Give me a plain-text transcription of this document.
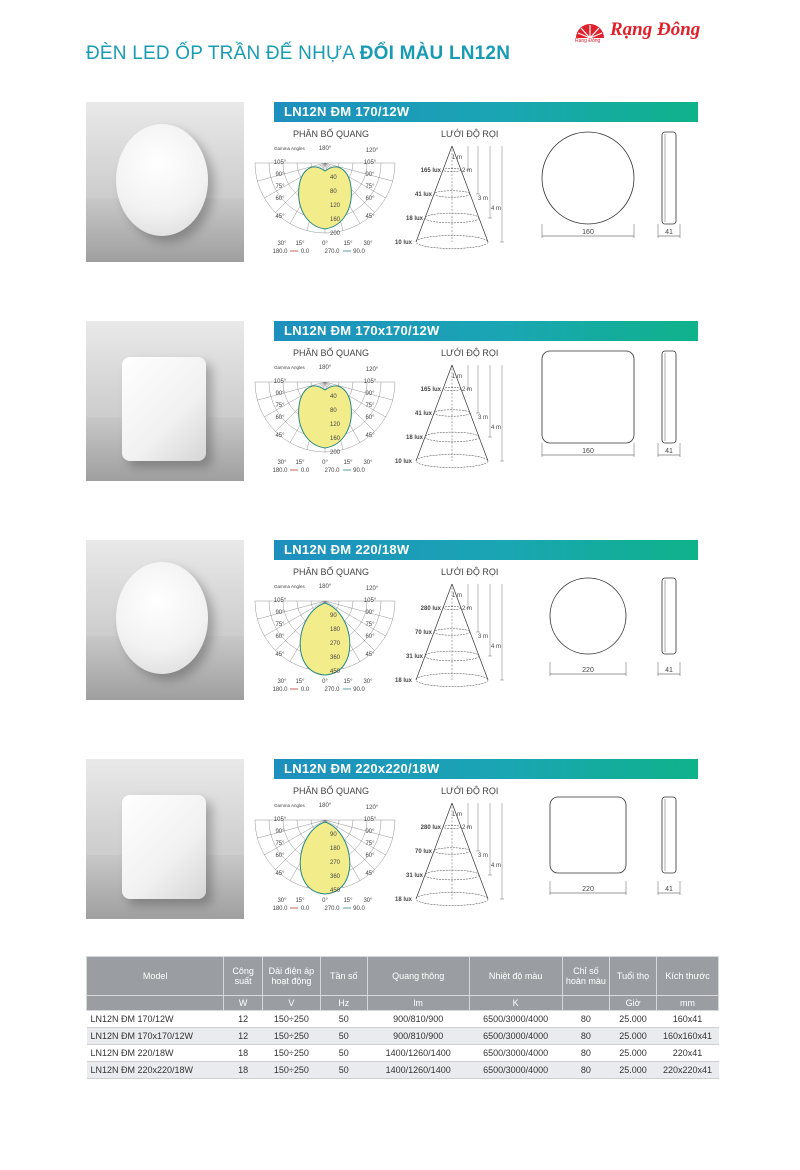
ĐÈN LED ỐP TRẦN ĐẾ NHỰA ĐỔI MÀU LN12N
Rạng Đông
Rạng Đông
LN12N ĐM 170/12W
PHÂN BỐ QUANG	LƯỚI ĐỘ RỌI
Gamma Angles 180°	120°
105°	105°
90°	90°
75°	75°
60°	60°
45°	45°
40
80
120
160
200
30° 15°	0°	15° 30°
180.0 0.0	270.0 90.0
165 lux
41 lux
18 lux
10 lux
1 m
2 m
3 m
4 m
160	41
LN12N ĐM 170x170/12W
PHÂN BỐ QUANG	LƯỚI ĐỘ RỌI
Gamma Angles 180°	120°
105°	105°
90°	90°
75°	75°
60°	60°
45°	45°
40
80
120
160
200
30° 15°	0°	15° 30°
180.0 0.0	270.0 90.0
165 lux
41 lux
18 lux
10 lux
1 m
2 m
3 m
4 m
160	41
LN12N ĐM 220/18W
PHÂN BỐ QUANG	LƯỚI ĐỘ RỌI
Gamma Angles 180°	120°
105°	105°
90°	90°
75°	75°
60°	60°
45°	45°
90
180
270
360
450
30° 15°	0°	15° 30°
180.0 0.0	270.0 90.0
280 lux
70 lux
31 lux
18 lux
1 m
2 m
3 m
4 m
220	41
LN12N ĐM 220x220/18W
PHÂN BỐ QUANG	LƯỚI ĐỘ RỌI
Gamma Angles 180°	120°
105°	105°
90°	90°
75°	75°
60°	60°
45°	45°
90
180
270
360
450
30° 15°	0°	15° 30°
180.0 0.0	270.0 90.0
280 lux
70 lux
31 lux
18 lux
1 m
2 m
3 m
4 m
220	41
Model	Công suất	Dải điện áp hoạt động	Tần số	Quang thông	Nhiệt độ màu	Chỉ số hoàn màu	Tuổi thọ	Kích thước
	W	V	Hz	lm	K		Giờ	mm
LN12N ĐM 170/12W	12	150÷250	50	900/810/900	6500/3000/4000	80	25.000	160x41
LN12N ĐM 170x170/12W	12	150÷250	50	900/810/900	6500/3000/4000	80	25.000	160x160x41
LN12N ĐM 220/18W	18	150÷250	50	1400/1260/1400	6500/3000/4000	80	25.000	220x41
LN12N ĐM 220x220/18W	18	150÷250	50	1400/1260/1400	6500/3000/4000	80	25.000	220x220x41
